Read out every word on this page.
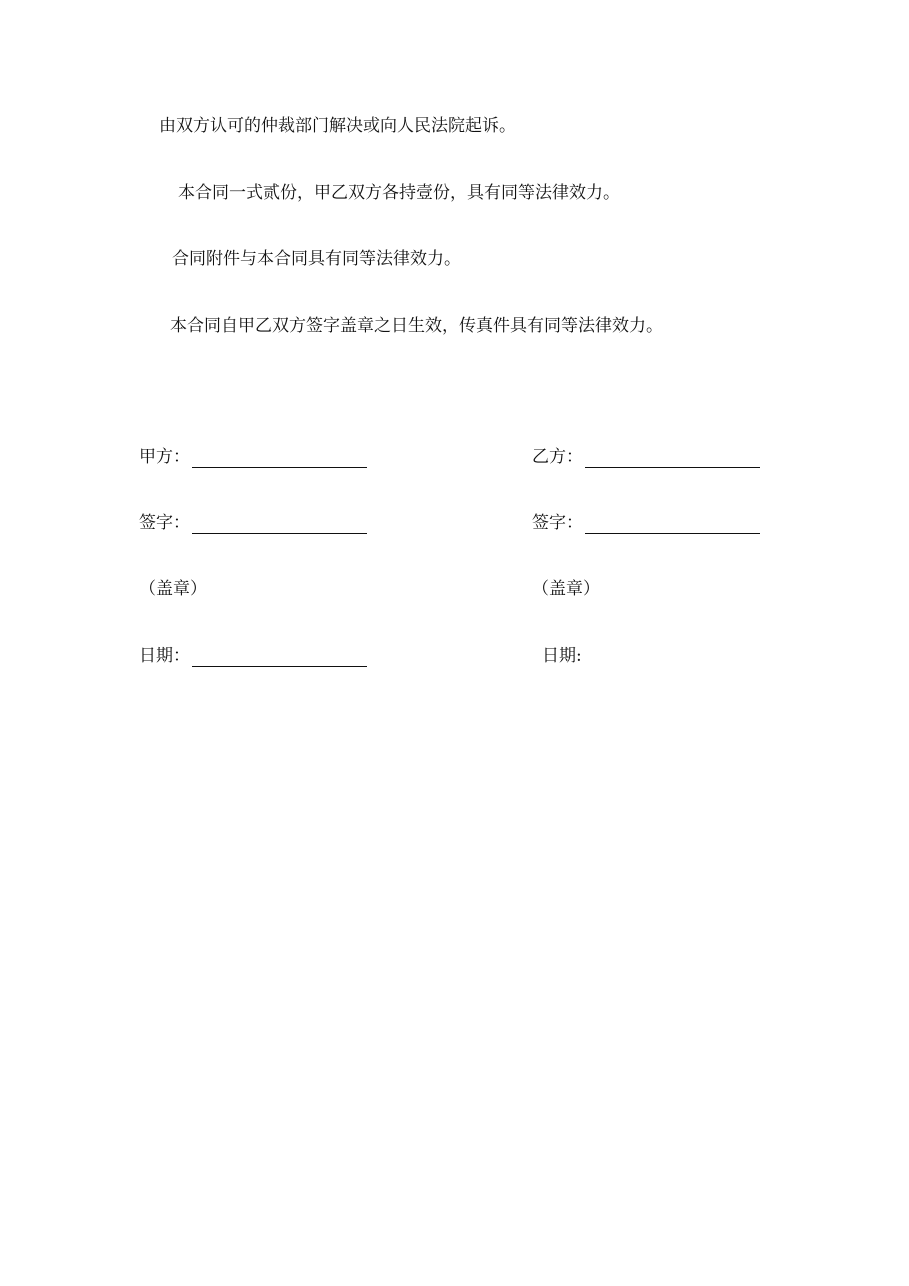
由双方认可的仲裁部门解决或向人民法院起诉。

本合同一式贰份，甲乙双方各持壹份，具有同等法律效力。

合同附件与本合同具有同等法律效力。

本合同自甲乙双方签字盖章之日生效，传真件具有同等法律效力。

甲方：
签字：
（盖章）
日期：
乙方：
签字：
（盖章）
日期:
